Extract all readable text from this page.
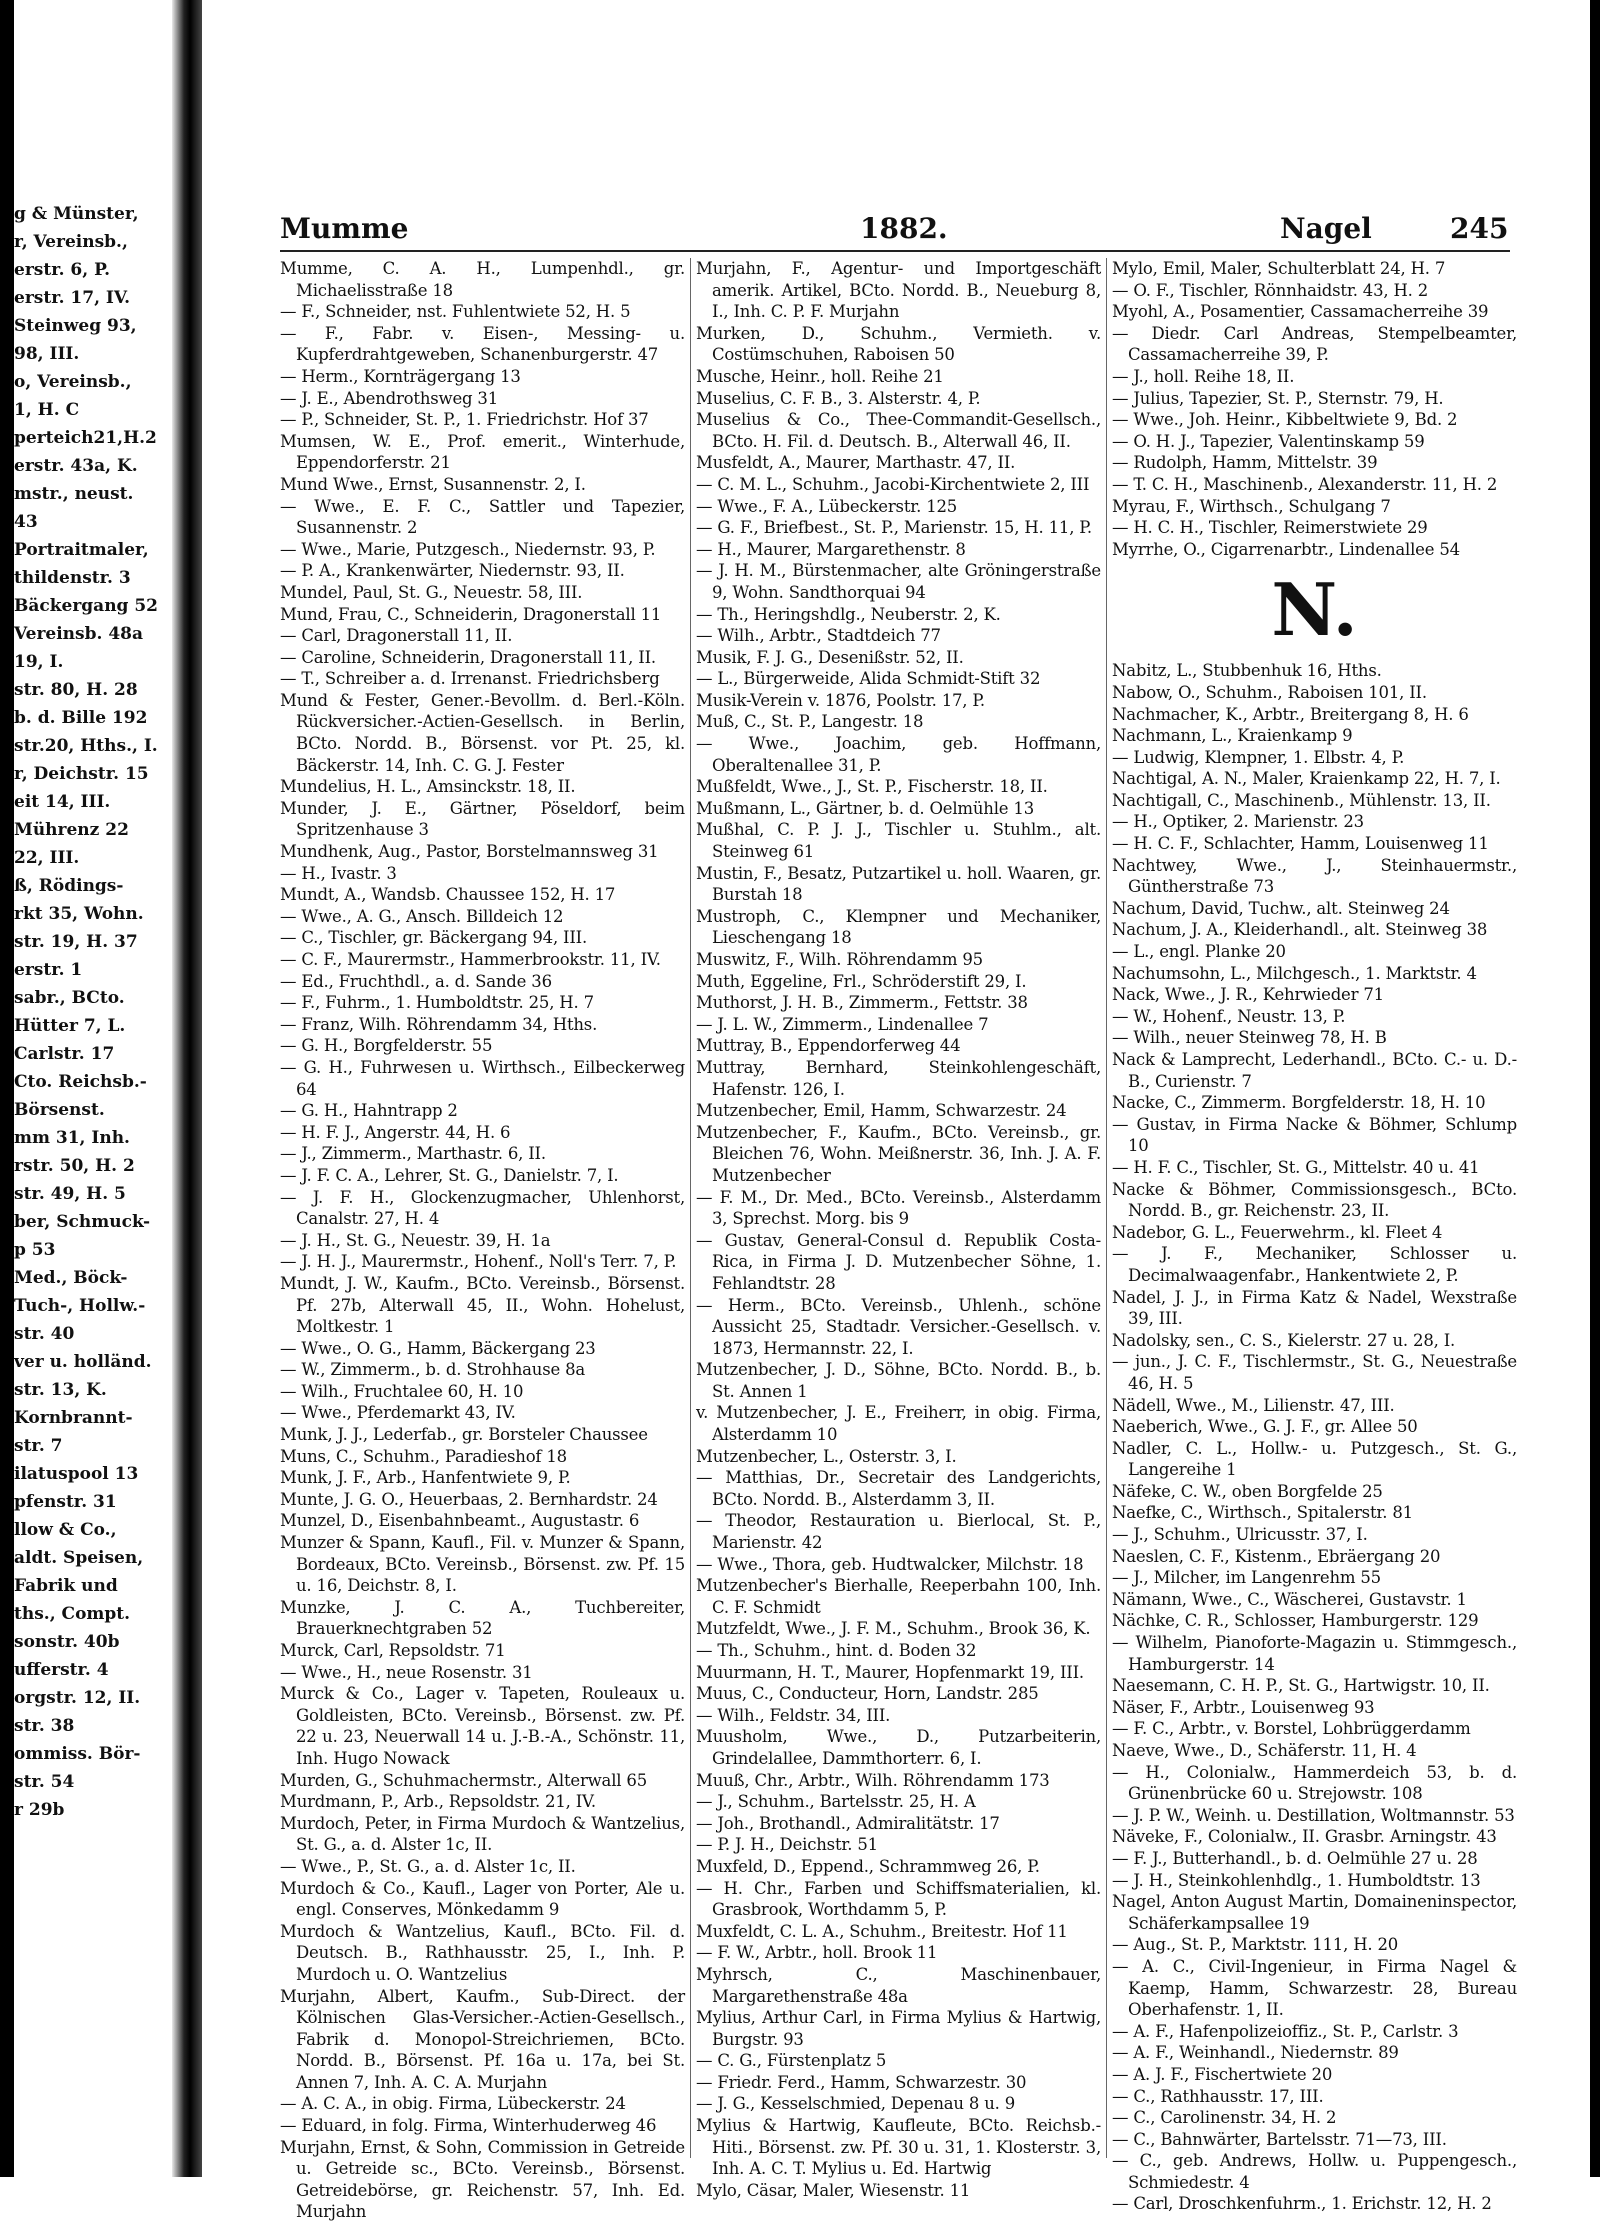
g & Münster,
r, Vereinsb.,
erstr. 6, P.
erstr. 17, IV.
Steinweg 93,
98, III.
o, Vereinsb.,
1, H. C
perteich21,H.2
erstr. 43a, K.
mstr., neust.
43
Portraitmaler,
thildenstr. 3
Bäckergang 52
Vereinsb. 48a
19, I.
str. 80, H. 28
b. d. Bille 192
str.20, Hths., I.
r, Deichstr. 15
eit 14, III.
Mührenz 22
22, III.
ß, Rödings-
rkt 35, Wohn.
str. 19, H. 37
erstr. 1
sabr., BCto.
Hütter 7, L.
Carlstr. 17
Cto. Reichsb.-
Börsenst.
mm 31, Inh.
rstr. 50, H. 2
str. 49, H. 5
ber, Schmuck-
p 53
Med., Böck-
Tuch-, Hollw.-
str. 40
ver u. holländ.
str. 13, K.
Kornbrannt-
str. 7
ilatuspool 13
pfenstr. 31
llow & Co.,
aldt. Speisen,
Fabrik und
ths., Compt.
sonstr. 40b
ufferstr. 4
orgstr. 12, II.
str. 38
ommiss. Bör-
str. 54
r 29b
Mumme	1882.	Nagel	245
Mumme, C. A. H., Lumpenhdl., gr. Michaelisstraße 18
— F., Schneider, nst. Fuhlentwiete 52, H. 5
— F., Fabr. v. Eisen-, Messing- u. Kupferdrahtgeweben, Schanenburgerstr. 47
— Herm., Kornträgergang 13
— J. E., Abendrothsweg 31
— P., Schneider, St. P., 1. Friedrichstr. Hof 37
Mumsen, W. E., Prof. emerit., Winterhude, Eppendorferstr. 21
Mund Wwe., Ernst, Susannenstr. 2, I.
— Wwe., E. F. C., Sattler und Tapezier, Susannenstr. 2
— Wwe., Marie, Putzgesch., Niedernstr. 93, P.
— P. A., Krankenwärter, Niedernstr. 93, II.
Mundel, Paul, St. G., Neuestr. 58, III.
Mund, Frau, C., Schneiderin, Dragonerstall 11
— Carl, Dragonerstall 11, II.
— Caroline, Schneiderin, Dragonerstall 11, II.
— T., Schreiber a. d. Irrenanst. Friedrichsberg
Mund & Fester, Gener.-Bevollm. d. Berl.-Köln. Rückversicher.-Actien-Gesellsch. in Berlin, BCto. Nordd. B., Börsenst. vor Pt. 25, kl. Bäckerstr. 14, Inh. C. G. J. Fester
Mundelius, H. L., Amsinckstr. 18, II.
Munder, J. E., Gärtner, Pöseldorf, beim Spritzenhause 3
Mundhenk, Aug., Pastor, Borstelmannsweg 31
— H., Ivastr. 3
Mundt, A., Wandsb. Chaussee 152, H. 17
— Wwe., A. G., Ansch. Billdeich 12
— C., Tischler, gr. Bäckergang 94, III.
— C. F., Maurermstr., Hammerbrookstr. 11, IV.
— Ed., Fruchthdl., a. d. Sande 36
— F., Fuhrm., 1. Humboldtstr. 25, H. 7
— Franz, Wilh. Röhrendamm 34, Hths.
— G. H., Borgfelderstr. 55
— G. H., Fuhrwesen u. Wirthsch., Eilbeckerweg 64
— G. H., Hahntrapp 2
— H. F. J., Angerstr. 44, H. 6
— J., Zimmerm., Marthastr. 6, II.
— J. F. C. A., Lehrer, St. G., Danielstr. 7, I.
— J. F. H., Glockenzugmacher, Uhlenhorst, Canalstr. 27, H. 4
— J. H., St. G., Neuestr. 39, H. 1a
— J. H. J., Maurermstr., Hohenf., Noll's Terr. 7, P.
Mundt, J. W., Kaufm., BCto. Vereinsb., Börsenst. Pf. 27b, Alterwall 45, II., Wohn. Hohelust, Moltkestr. 1
— Wwe., O. G., Hamm, Bäckergang 23
— W., Zimmerm., b. d. Strohhause 8a
— Wilh., Fruchtalee 60, H. 10
— Wwe., Pferdemarkt 43, IV.
Munk, J. J., Lederfab., gr. Borsteler Chaussee
Muns, C., Schuhm., Paradieshof 18
Munk, J. F., Arb., Hanfentwiete 9, P.
Munte, J. G. O., Heuerbaas, 2. Bernhardstr. 24
Munzel, D., Eisenbahnbeamt., Augustastr. 6
Munzer & Spann, Kaufl., Fil. v. Munzer & Spann, Bordeaux, BCto. Vereinsb., Börsenst. zw. Pf. 15 u. 16, Deichstr. 8, I.
Munzke, J. C. A., Tuchbereiter, Brauerknechtgraben 52
Murck, Carl, Repsoldstr. 71
— Wwe., H., neue Rosenstr. 31
Murck & Co., Lager v. Tapeten, Rouleaux u. Goldleisten, BCto. Vereinsb., Börsenst. zw. Pf. 22 u. 23, Neuerwall 14 u. J.-B.-A., Schönstr. 11, Inh. Hugo Nowack
Murden, G., Schuhmachermstr., Alterwall 65
Murdmann, P., Arb., Repsoldstr. 21, IV.
Murdoch, Peter, in Firma Murdoch & Wantzelius, St. G., a. d. Alster 1c, II.
— Wwe., P., St. G., a. d. Alster 1c, II.
Murdoch & Co., Kaufl., Lager von Porter, Ale u. engl. Conserves, Mönkedamm 9
Murdoch & Wantzelius, Kaufl., BCto. Fil. d. Deutsch. B., Rathhausstr. 25, I., Inh. P. Murdoch u. O. Wantzelius
Murjahn, Albert, Kaufm., Sub-Direct. der Kölnischen Glas-Versicher.-Actien-Gesellsch., Fabrik d. Monopol-Streichriemen, BCto. Nordd. B., Börsenst. Pf. 16a u. 17a, bei St. Annen 7, Inh. A. C. A. Murjahn
— A. C. A., in obig. Firma, Lübeckerstr. 24
— Eduard, in folg. Firma, Winterhuderweg 46
Murjahn, Ernst, & Sohn, Commission in Getreide u. Getreide sc., BCto. Vereinsb., Börsenst. Getreidebörse, gr. Reichenstr. 57, Inh. Ed. Murjahn
Murjahn, F., Agentur- und Importgeschäft amerik. Artikel, BCto. Nordd. B., Neueburg 8, I., Inh. C. P. F. Murjahn
Murken, D., Schuhm., Vermieth. v. Costümschuhen, Raboisen 50
Musche, Heinr., holl. Reihe 21
Muselius, C. F. B., 3. Alsterstr. 4, P.
Muselius & Co., Thee-Commandit-Gesellsch., BCto. H. Fil. d. Deutsch. B., Alterwall 46, II.
Musfeldt, A., Maurer, Marthastr. 47, II.
— C. M. L., Schuhm., Jacobi-Kirchentwiete 2, III
— Wwe., F. A., Lübeckerstr. 125
— G. F., Briefbest., St. P., Marienstr. 15, H. 11, P.
— H., Maurer, Margarethenstr. 8
— J. H. M., Bürstenmacher, alte Gröningerstraße 9, Wohn. Sandthorquai 94
— Th., Heringshdlg., Neuberstr. 2, K.
— Wilh., Arbtr., Stadtdeich 77
Musik, F. J. G., Desenißstr. 52, II.
— L., Bürgerweide, Alida Schmidt-Stift 32
Musik-Verein v. 1876, Poolstr. 17, P.
Muß, C., St. P., Langestr. 18
— Wwe., Joachim, geb. Hoffmann, Oberaltenallee 31, P.
Mußfeldt, Wwe., J., St. P., Fischerstr. 18, II.
Mußmann, L., Gärtner, b. d. Oelmühle 13
Mußhal, C. P. J. J., Tischler u. Stuhlm., alt. Steinweg 61
Mustin, F., Besatz, Putzartikel u. holl. Waaren, gr. Burstah 18
Mustroph, C., Klempner und Mechaniker, Lieschengang 18
Muswitz, F., Wilh. Röhrendamm 95
Muth, Eggeline, Frl., Schröderstift 29, I.
Muthorst, J. H. B., Zimmerm., Fettstr. 38
— J. L. W., Zimmerm., Lindenallee 7
Muttray, B., Eppendorferweg 44
Muttray, Bernhard, Steinkohlengeschäft, Hafenstr. 126, I.
Mutzenbecher, Emil, Hamm, Schwarzestr. 24
Mutzenbecher, F., Kaufm., BCto. Vereinsb., gr. Bleichen 76, Wohn. Meißnerstr. 36, Inh. J. A. F. Mutzenbecher
— F. M., Dr. Med., BCto. Vereinsb., Alsterdamm 3, Sprechst. Morg. bis 9
— Gustav, General-Consul d. Republik Costa-Rica, in Firma J. D. Mutzenbecher Söhne, 1. Fehlandtstr. 28
— Herm., BCto. Vereinsb., Uhlenh., schöne Aussicht 25, Stadtadr. Versicher.-Gesellsch. v. 1873, Hermannstr. 22, I.
Mutzenbecher, J. D., Söhne, BCto. Nordd. B., b. St. Annen 1
v. Mutzenbecher, J. E., Freiherr, in obig. Firma, Alsterdamm 10
Mutzenbecher, L., Osterstr. 3, I.
— Matthias, Dr., Secretair des Landgerichts, BCto. Nordd. B., Alsterdamm 3, II.
— Theodor, Restauration u. Bierlocal, St. P., Marienstr. 42
— Wwe., Thora, geb. Hudtwalcker, Milchstr. 18
Mutzenbecher's Bierhalle, Reeperbahn 100, Inh. C. F. Schmidt
Mutzfeldt, Wwe., J. F. M., Schuhm., Brook 36, K.
— Th., Schuhm., hint. d. Boden 32
Muurmann, H. T., Maurer, Hopfenmarkt 19, III.
Muus, C., Conducteur, Horn, Landstr. 285
— Wilh., Feldstr. 34, III.
Muusholm, Wwe., D., Putzarbeiterin, Grindelallee, Dammthorterr. 6, I.
Muuß, Chr., Arbtr., Wilh. Röhrendamm 173
— J., Schuhm., Bartelsstr. 25, H. A
— Joh., Brothandl., Admiralitätstr. 17
— P. J. H., Deichstr. 51
Muxfeld, D., Eppend., Schrammweg 26, P.
— H. Chr., Farben und Schiffsmaterialien, kl. Grasbrook, Worthdamm 5, P.
Muxfeldt, C. L. A., Schuhm., Breitestr. Hof 11
— F. W., Arbtr., holl. Brook 11
Myhrsch, C., Maschinenbauer, Margarethenstraße 48a
Mylius, Arthur Carl, in Firma Mylius & Hartwig, Burgstr. 93
— C. G., Fürstenplatz 5
— Friedr. Ferd., Hamm, Schwarzestr. 30
— J. G., Kesselschmied, Depenau 8 u. 9
Mylius & Hartwig, Kaufleute, BCto. Reichsb.-Hiti., Börsenst. zw. Pf. 30 u. 31, 1. Klosterstr. 3, Inh. A. C. T. Mylius u. Ed. Hartwig
Mylo, Cäsar, Maler, Wiesenstr. 11
Mylo, Emil, Maler, Schulterblatt 24, H. 7
— O. F., Tischler, Rönnhaidstr. 43, H. 2
Myohl, A., Posamentier, Cassamacherreihe 39
— Diedr. Carl Andreas, Stempelbeamter, Cassamacherreihe 39, P.
— J., holl. Reihe 18, II.
— Julius, Tapezier, St. P., Sternstr. 79, H.
— Wwe., Joh. Heinr., Kibbeltwiete 9, Bd. 2
— O. H. J., Tapezier, Valentinskamp 59
— Rudolph, Hamm, Mittelstr. 39
— T. C. H., Maschinenb., Alexanderstr. 11, H. 2
Myrau, F., Wirthsch., Schulgang 7
— H. C. H., Tischler, Reimerstwiete 29
Myrrhe, O., Cigarrenarbtr., Lindenallee 54
N.
Nabitz, L., Stubbenhuk 16, Hths.
Nabow, O., Schuhm., Raboisen 101, II.
Nachmacher, K., Arbtr., Breitergang 8, H. 6
Nachmann, L., Kraienkamp 9
— Ludwig, Klempner, 1. Elbstr. 4, P.
Nachtigal, A. N., Maler, Kraienkamp 22, H. 7, I.
Nachtigall, C., Maschinenb., Mühlenstr. 13, II.
— H., Optiker, 2. Marienstr. 23
— H. C. F., Schlachter, Hamm, Louisenweg 11
Nachtwey, Wwe., J., Steinhauermstr., Güntherstraße 73
Nachum, David, Tuchw., alt. Steinweg 24
Nachum, J. A., Kleiderhandl., alt. Steinweg 38
— L., engl. Planke 20
Nachumsohn, L., Milchgesch., 1. Marktstr. 4
Nack, Wwe., J. R., Kehrwieder 71
— W., Hohenf., Neustr. 13, P.
— Wilh., neuer Steinweg 78, H. B
Nack & Lamprecht, Lederhandl., BCto. C.- u. D.-B., Curienstr. 7
Nacke, C., Zimmerm. Borgfelderstr. 18, H. 10
— Gustav, in Firma Nacke & Böhmer, Schlump 10
— H. F. C., Tischler, St. G., Mittelstr. 40 u. 41
Nacke & Böhmer, Commissionsgesch., BCto. Nordd. B., gr. Reichenstr. 23, II.
Nadebor, G. L., Feuerwehrm., kl. Fleet 4
— J. F., Mechaniker, Schlosser u. Decimalwaagenfabr., Hankentwiete 2, P.
Nadel, J. J., in Firma Katz & Nadel, Wexstraße 39, III.
Nadolsky, sen., C. S., Kielerstr. 27 u. 28, I.
— jun., J. C. F., Tischlermstr., St. G., Neuestraße 46, H. 5
Nädell, Wwe., M., Lilienstr. 47, III.
Naeberich, Wwe., G. J. F., gr. Allee 50
Nadler, C. L., Hollw.- u. Putzgesch., St. G., Langereihe 1
Näfeke, C. W., oben Borgfelde 25
Naefke, C., Wirthsch., Spitalerstr. 81
— J., Schuhm., Ulricusstr. 37, I.
Naeslen, C. F., Kistenm., Ebräergang 20
— J., Milcher, im Langenrehm 55
Nämann, Wwe., C., Wäscherei, Gustavstr. 1
Nächke, C. R., Schlosser, Hamburgerstr. 129
— Wilhelm, Pianoforte-Magazin u. Stimmgesch., Hamburgerstr. 14
Naesemann, C. H. P., St. G., Hartwigstr. 10, II.
Näser, F., Arbtr., Louisenweg 93
— F. C., Arbtr., v. Borstel, Lohbrüggerdamm
Naeve, Wwe., D., Schäferstr. 11, H. 4
— H., Colonialw., Hammerdeich 53, b. d. Grünenbrücke 60 u. Strejowstr. 108
— J. P. W., Weinh. u. Destillation, Woltmannstr. 53
Näveke, F., Colonialw., II. Grasbr. Arningstr. 43
— F. J., Butterhandl., b. d. Oelmühle 27 u. 28
— J. H., Steinkohlenhdlg., 1. Humboldtstr. 13
Nagel, Anton August Martin, Domaineninspector, Schäferkampsallee 19
— Aug., St. P., Marktstr. 111, H. 20
— A. C., Civil-Ingenieur, in Firma Nagel & Kaemp, Hamm, Schwarzestr. 28, Bureau Oberhafenstr. 1, II.
— A. F., Hafenpolizeioffiz., St. P., Carlstr. 3
— A. F., Weinhandl., Niedernstr. 89
— A. J. F., Fischertwiete 20
— C., Rathhausstr. 17, III.
— C., Carolinenstr. 34, H. 2
— C., Bahnwärter, Bartelsstr. 71—73, III.
— C., geb. Andrews, Hollw. u. Puppengesch., Schmiedestr. 4
— Carl, Droschkenfuhrm., 1. Erichstr. 12, H. 2
